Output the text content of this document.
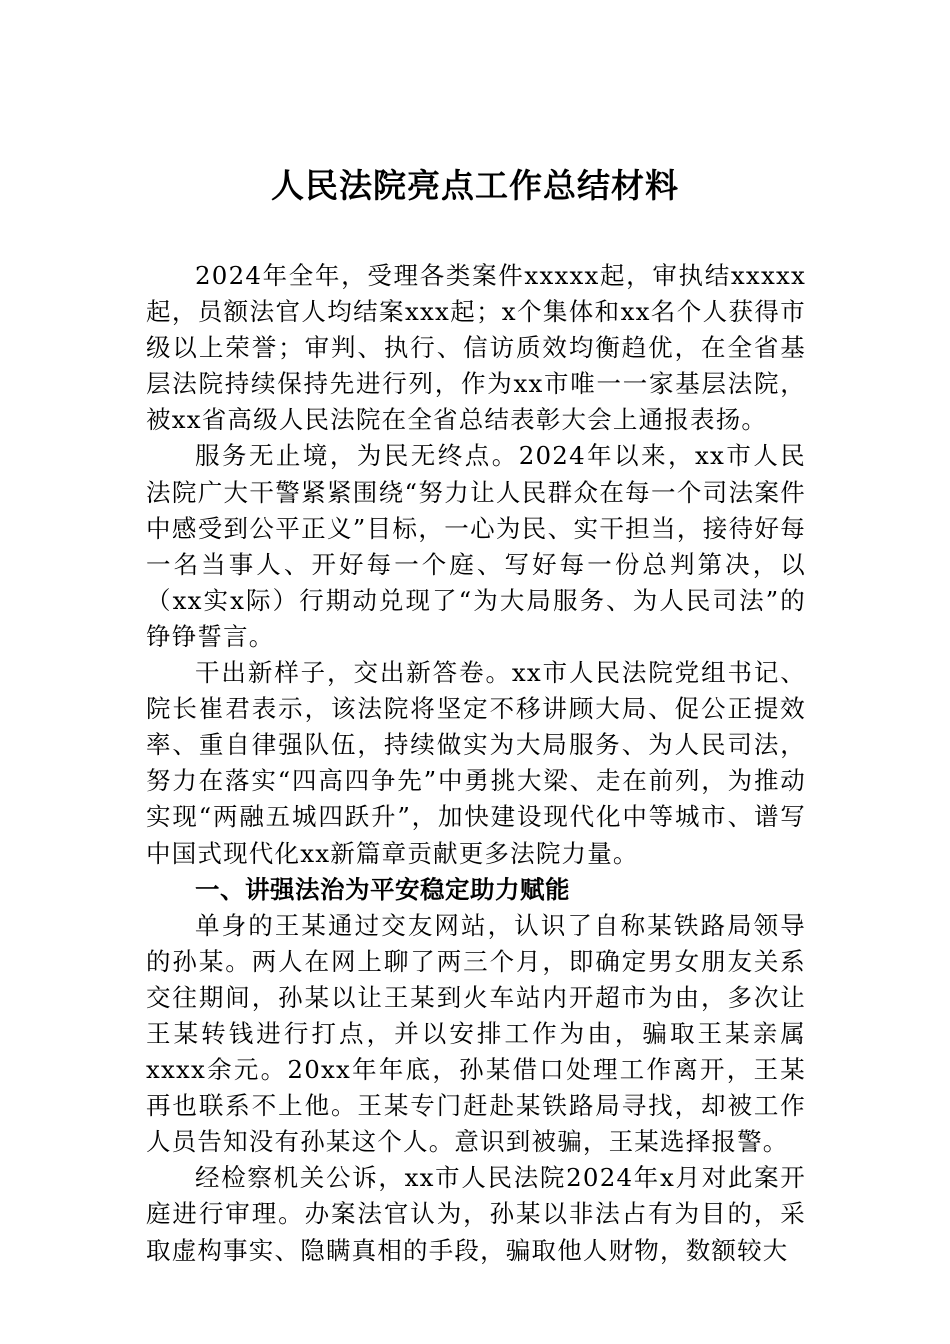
人民法院亮点工作总结材料

2024年全年，受理各类案件xxxxx起，审执结xxxxx起，员额法官人均结案xxx起；x个集体和xx名个人获得市级以上荣誉；审判、执行、信访质效均衡趋优，在全省基层法院持续保持先进行列，作为xx市唯一一家基层法院，被xx省高级人民法院在全省总结表彰大会上通报表扬。

服务无止境，为民无终点。2024年以来，xx市人民法院广大干警紧紧围绕“努力让人民群众在每一个司法案件中感受到公平正义”目标，一心为民、实干担当，接待好每一名当事人、开好每一个庭、写好每一份总判第决，以（xx实x际）行期动兑现了“为大局服务、为人民司法”的铮铮誓言。

干出新样子，交出新答卷。xx市人民法院党组书记、院长崔君表示，该法院将坚定不移讲顾大局、促公正提效率、重自律强队伍，持续做实为大局服务、为人民司法，努力在落实“四高四争先”中勇挑大梁、走在前列，为推动实现“两融五城四跃升”，加快建设现代化中等城市、谱写中国式现代化xx新篇章贡献更多法院力量。

一、讲强法治为平安稳定助力赋能

单身的王某通过交友网站，认识了自称某铁路局领导的孙某。两人在网上聊了两三个月，即确定男女朋友关系交往期间，孙某以让王某到火车站内开超市为由，多次让王某转钱进行打点，并以安排工作为由，骗取王某亲属xxxx余元。20xx年年底，孙某借口处理工作离开，王某再也联系不上他。王某专门赶赴某铁路局寻找，却被工作人员告知没有孙某这个人。意识到被骗，王某选择报警。

经检察机关公诉，xx市人民法院2024年x月对此案开庭进行审理。办案法官认为，孙某以非法占有为目的，采取虚构事实、隐瞒真相的手段，骗取他人财物，数额较大
